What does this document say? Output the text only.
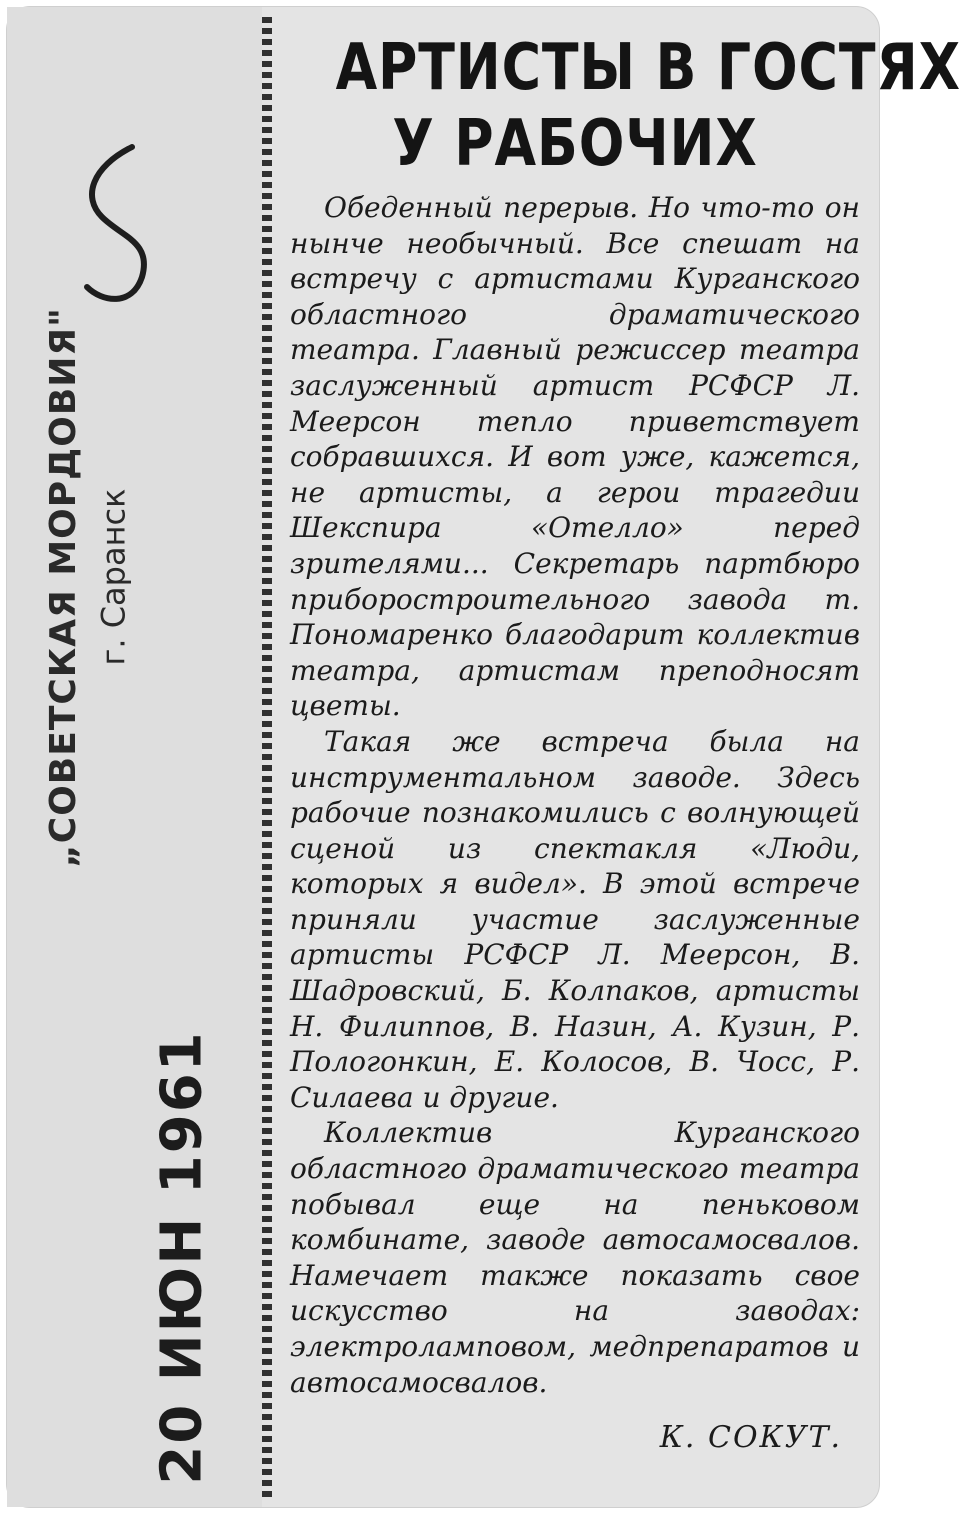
„СОВЕТСКАЯ МОРДОВИЯ" г. Саранск
20 ИЮН 1961
АРТИСТЫ В ГОСТЯХ
У РАБОЧИХ

Обеденный перерыв. Но что-то он нынче необычный. Все спешат на встречу с артистами Курганского областного драматического театра. Главный режиссер театра заслуженный артист РСФСР Л. Меерсон тепло приветствует собравшихся. И вот уже, кажется, не артисты, а герои трагедии Шекспира «Отелло» перед зрителями... Секретарь партбюро приборостроительного завода т. Пономаренко благодарит коллектив театра, артистам преподносят цветы.

Такая же встреча была на инструментальном заводе. Здесь рабочие познакомились с волнующей сценой из спектакля «Люди, которых я видел». В этой встрече приняли участие заслуженные артисты РСФСР Л. Меерсон, В. Шадровский, Б. Колпаков, артисты Н. Филиппов, В. Назин, А. Кузин, Р. Пологонкин, Е. Колосов, В. Чосс, Р. Силаева и другие.

Коллектив Курганского областного драматического театра побывал еще на пеньковом комбинате, заводе автосамосвалов. Намечает также показать свое искусство на заводах: электроламповом, медпрепаратов и автосамосвалов.

К. СОКУТ.
